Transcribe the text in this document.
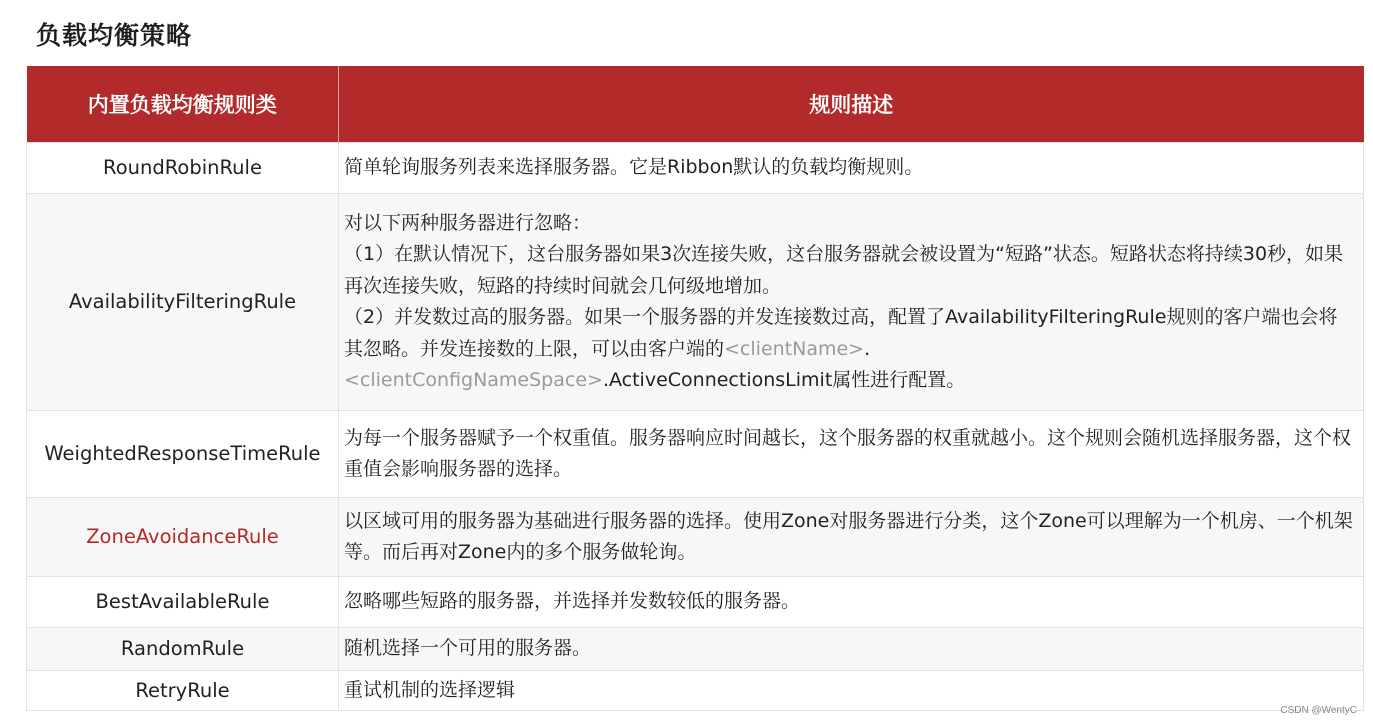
负载均衡策略
内置负载均衡规则类	规则描述
RoundRobinRule	简单轮询服务列表来选择服务器。它是Ribbon默认的负载均衡规则。
AvailabilityFilteringRule	对以下两种服务器进行忽略：
（1）在默认情况下，这台服务器如果3次连接失败，这台服务器就会被设置为“短路”状态。短路状态将持续30秒，如果再次连接失败，短路的持续时间就会几何级地增加。
（2）并发数过高的服务器。如果一个服务器的并发连接数过高，配置了AvailabilityFilteringRule规则的客户端也会将其忽略。并发连接数的上限，可以由客户端的<clientName>.<clientConfigNameSpace>.ActiveConnectionsLimit属性进行配置。

WeightedResponseTimeRule	为每一个服务器赋予一个权重值。服务器响应时间越长，这个服务器的权重就越小。这个规则会随机选择服务器，这个权重值会影响服务器的选择。
ZoneAvoidanceRule	以区域可用的服务器为基础进行服务器的选择。使用Zone对服务器进行分类，这个Zone可以理解为一个机房、一个机架等。而后再对Zone内的多个服务做轮询。
BestAvailableRule	忽略哪些短路的服务器，并选择并发数较低的服务器。
RandomRule	随机选择一个可用的服务器。
RetryRule	重试机制的选择逻辑
CSDN @WentyC
